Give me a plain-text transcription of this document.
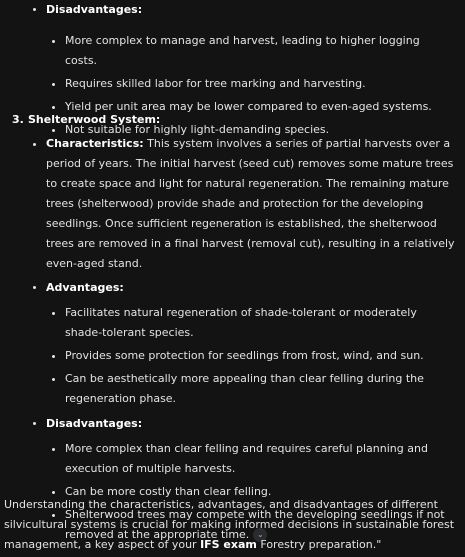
Disadvantages:
More complex to manage and harvest, leading to higher logging costs.
Requires skilled labor for tree marking and harvesting.
Yield per unit area may be lower compared to even-aged systems.
Not suitable for highly light-demanding species.
3. Shelterwood System:
Characteristics: This system involves a series of partial harvests over a period of years. The initial harvest (seed cut) removes some mature trees to create space and light for natural regeneration. The remaining mature trees (shelterwood) provide shade and protection for the developing seedlings. Once sufficient regeneration is established, the shelterwood trees are removed in a final harvest (removal cut), resulting in a relatively even-aged stand.
Advantages:
Facilitates natural regeneration of shade-tolerant or moderately shade-tolerant species.
Provides some protection for seedlings from frost, wind, and sun.
Can be aesthetically more appealing than clear felling during the regeneration phase.
Disadvantages:
More complex than clear felling and requires careful planning and execution of multiple harvests.
Can be more costly than clear felling.
Shelterwood trees may compete with the developing seedlings if not removed at the appropriate time. ⌄
Understanding the characteristics, advantages, and disadvantages of different silvicultural systems is crucial for making informed decisions in sustainable forest management, a key aspect of your IFS exam Forestry preparation."
